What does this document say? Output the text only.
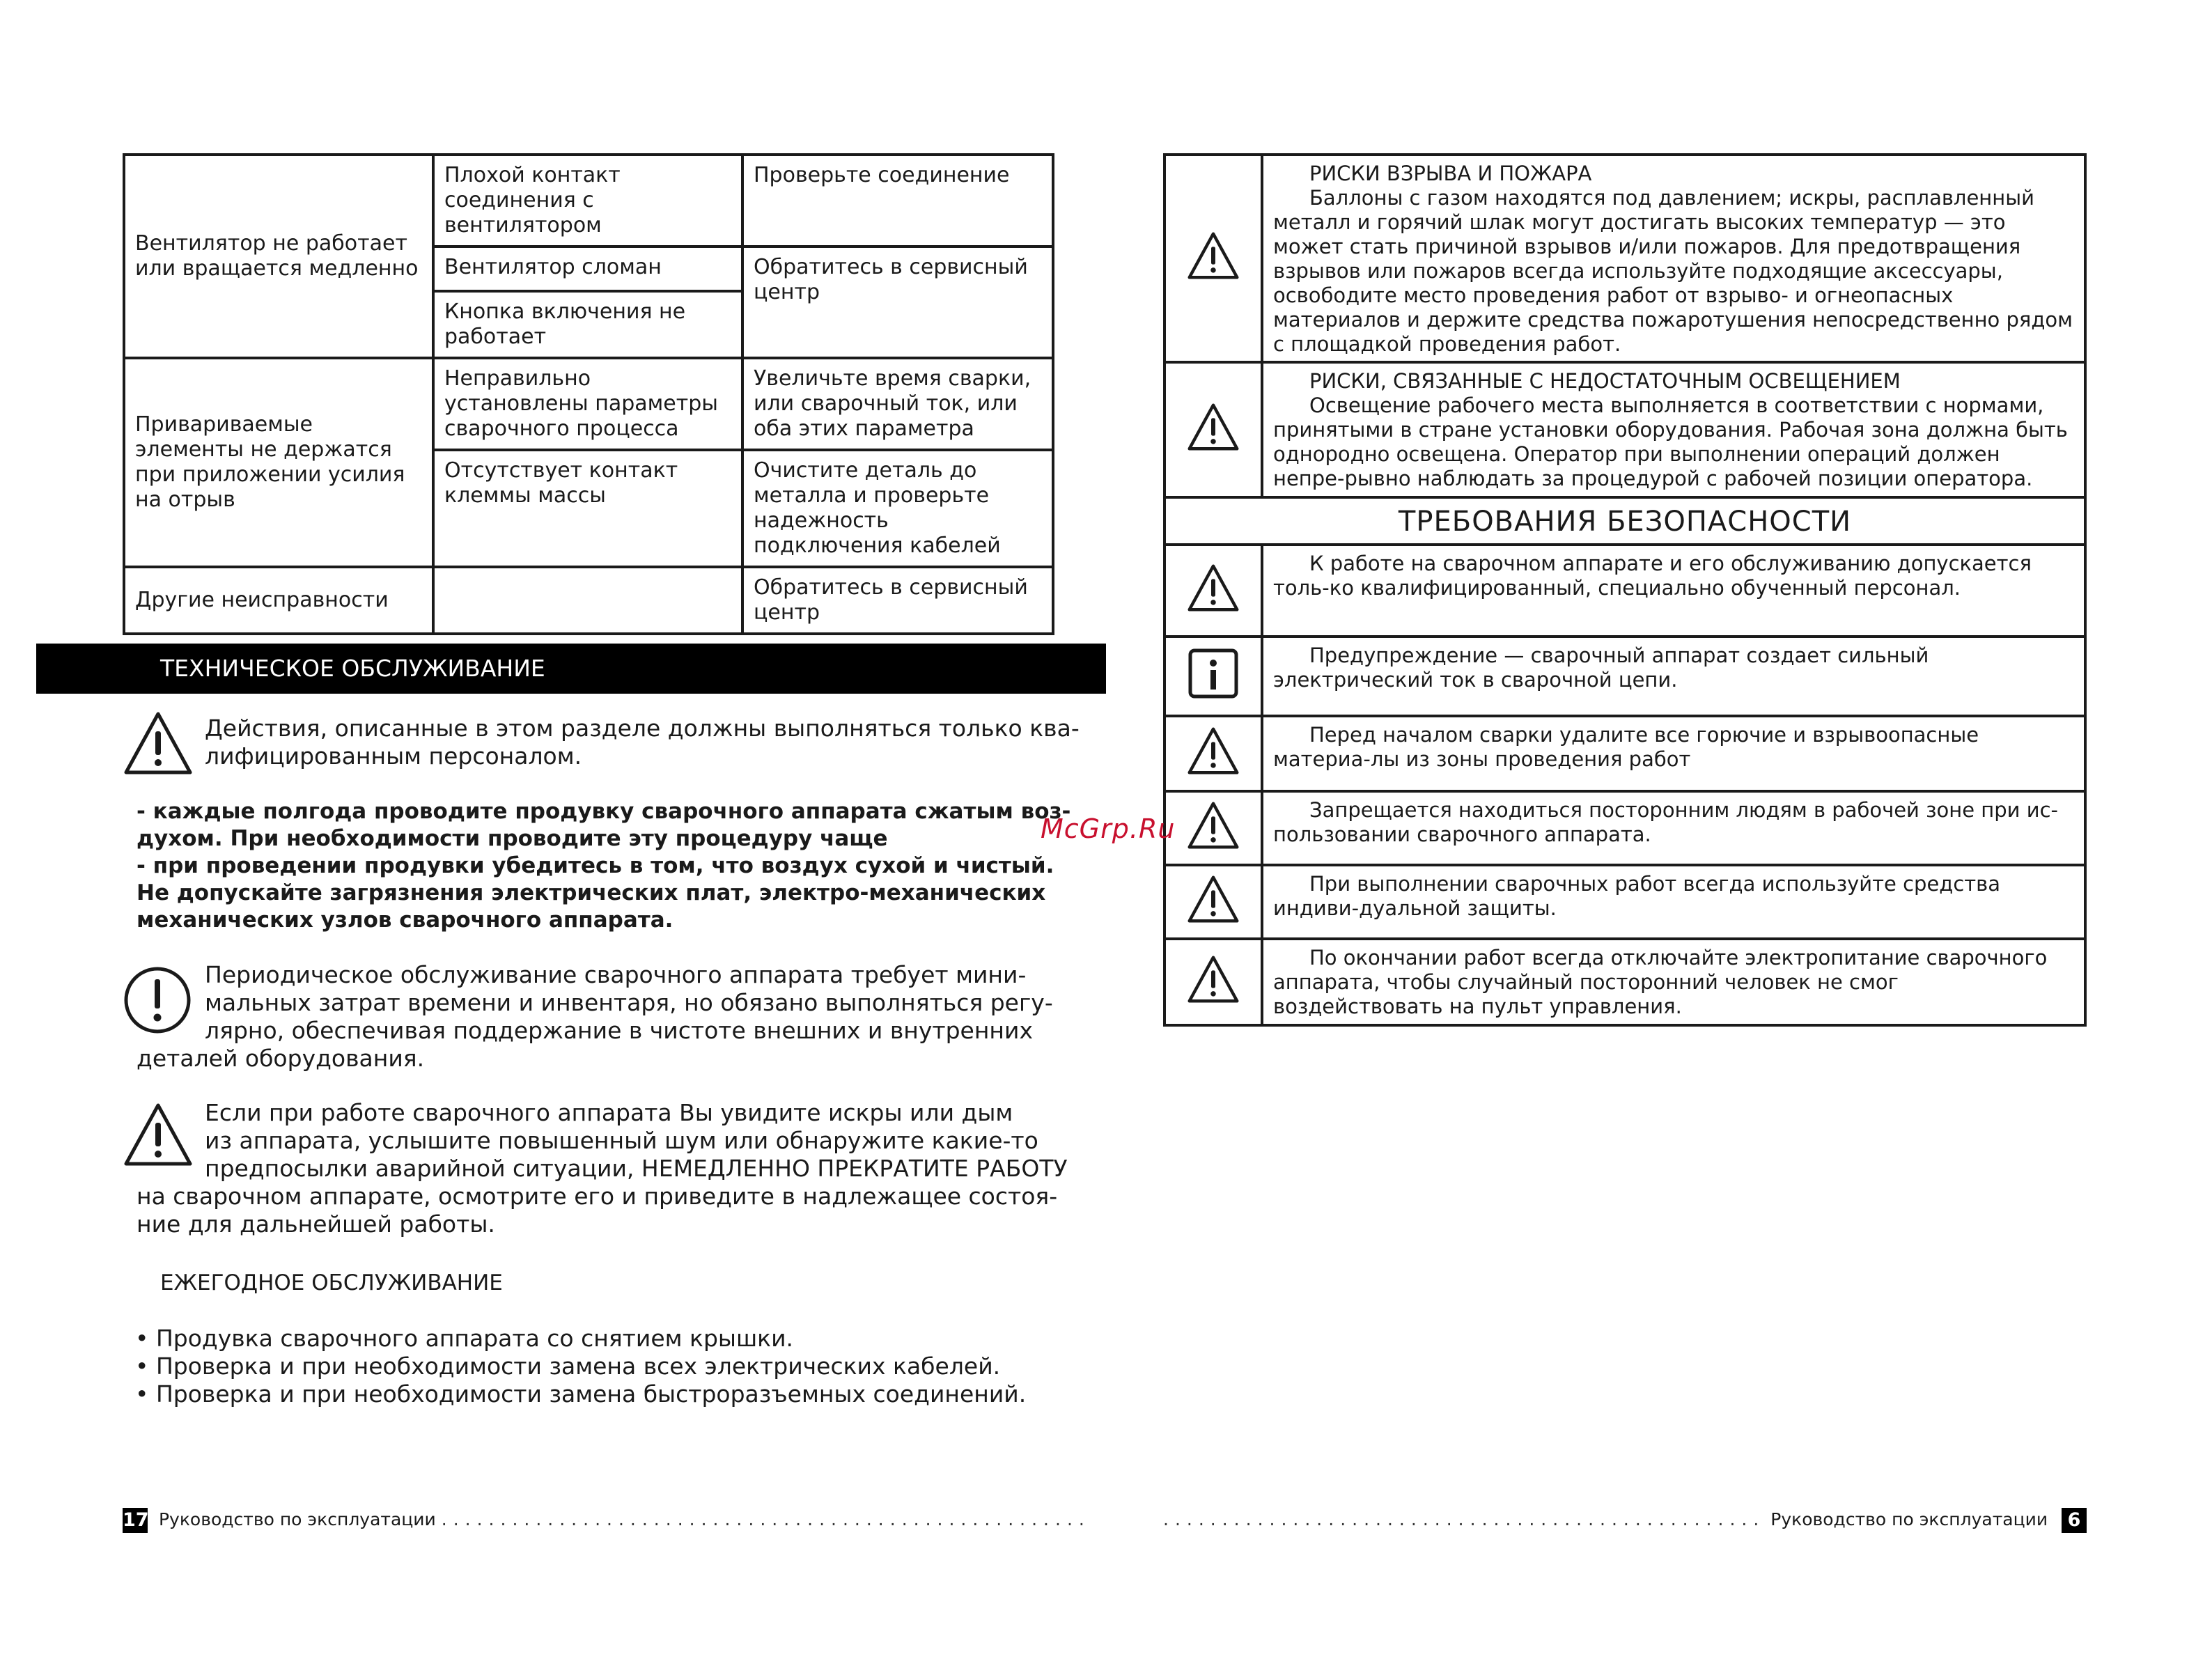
Вентилятор не работает или вращается медленно	Плохой контакт соединения с вентилятором	Проверьте соединение
	Вентилятор сломан	Обратитесь в сервисный центр
	Кнопка включения не работает	
Привариваемые элементы не держатся при приложении усилия на отрыв	Неправильно установлены параметры сварочного процесса	Увеличьте время сварки, или сварочный ток, или оба этих параметра
	Отсутствует контакт клеммы массы	Очистите деталь до металла и проверьте надежность подключения кабелей
Другие неисправности		Обратитесь в сервисный центр
ТЕХНИЧЕСКОЕ ОБСЛУЖИВАНИЕ
Действия, описанные в этом разделе должны выполняться только ква-
лифицированным персоналом.
- каждые полгода проводите продувку сварочного аппарата сжатым воз-
духом. При необходимости проводите эту процедуру чаще
- при проведении продувки убедитесь в том, что воздух сухой и чистый.
Не допускайте загрязнения электрических плат, электро-механических
механических узлов сварочного аппарата.
Периодическое обслуживание сварочного аппарата требует мини-
мальных затрат времени и инвентаря, но обязано выполняться регу-
лярно, обеспечивая поддержание в чистоте внешних и внутренних
деталей оборудования.
Если при работе сварочного аппарата Вы увидите искры или дым
из аппарата, услышите повышенный шум или обнаружите какие-то
предпосылки аварийной ситуации, НЕМЕДЛЕННО ПРЕКРАТИТЕ РАБОТУ
на сварочном аппарате, осмотрите его и приведите в надлежащее состоя-
ние для дальнейшей работы.
ЕЖЕГОДНОЕ ОБСЛУЖИВАНИЕ
• Продувка сварочного аппарата со снятием крышки.
• Проверка и при необходимости замена всех электрических кабелей.
• Проверка и при необходимости замена быстроразъемных соединений.
17 Руководство по эксплуатации .......................................................

РИСКИ ВЗРЫВА И ПОЖАРА
Баллоны с газом находятся под давлением; искры, расплавленный металл и горячий шлак могут достигать высоких температур — это может стать причиной взрывов и/или пожаров. Для предотвращения взрывов или пожаров всегда используйте подходящие аксессуары, освободите место проведения работ от взрыво- и огнеопасных материалов и держите средства пожаротушения непосредственно рядом с площадкой проведения работ.

РИСКИ, СВЯЗАННЫЕ С НЕДОСТАТОЧНЫМ ОСВЕЩЕНИЕМ
Освещение рабочего места выполняется в соответствии с нормами, принятыми в стране установки оборудования. Рабочая зона должна быть однородно освещена. Оператор при выполнении операций должен непре-рывно наблюдать за процедурой с рабочей позиции оператора.

ТРЕБОВАНИЯ БЕЗОПАСНОСТИ	

К работе на сварочном аппарате и его обслуживанию допускается толь-ко квалифицированный, специально обученный персонал.

Предупреждение — сварочный аппарат создает сильный электрический ток в сварочной цепи.

Перед началом сварки удалите все горючие и взрывоопасные материа-лы из зоны проведения работ

Запрещается находиться посторонним людям в рабочей зоне при ис-пользовании сварочного аппарата.

При выполнении сварочных работ всегда используйте средства индиви-дуальной защиты.

По окончании работ всегда отключайте электропитание сварочного аппарата, чтобы случайный посторонний человек не смог воздействовать на пульт управления.
................................................... Руководство по эксплуатации 6
McGrp.Ru
